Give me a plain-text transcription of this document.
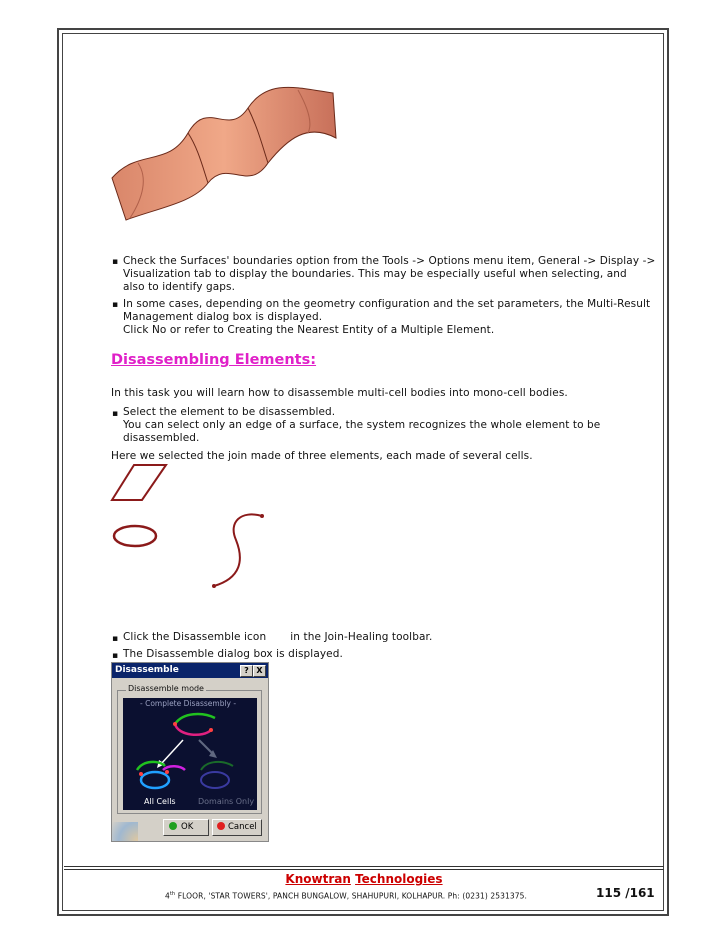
▪ Check the Surfaces' boundaries option from the Tools -> Options menu item, General -> Display ->
Visualization tab to display the boundaries. This may be especially useful when selecting, and
also to identify gaps.
▪ In some cases, depending on the geometry configuration and the set parameters, the Multi-Result
Management dialog box is displayed.
Click No or refer to Creating the Nearest Entity of a Multiple Element.
Disassembling Elements:
In this task you will learn how to disassemble multi-cell bodies into mono-cell bodies.
▪ Select the element to be disassembled.
You can select only an edge of a surface, the system recognizes the whole element to be
disassembled.
Here we selected the join made of three elements, each made of several cells.
▪ Click the Disassemble icon       in the Join-Healing toolbar.
▪ The Disassemble dialog box is displayed.
Disassemble	? X
Disassemble mode
- Complete Disassembly -
All Cells	Domains Only
OK	Cancel
Knowtran Technologies
4th FLOOR, 'STAR TOWERS', PANCH BUNGALOW, SHAHUPURI, KOLHAPUR. Ph: (0231) 2531375.	115 /161
